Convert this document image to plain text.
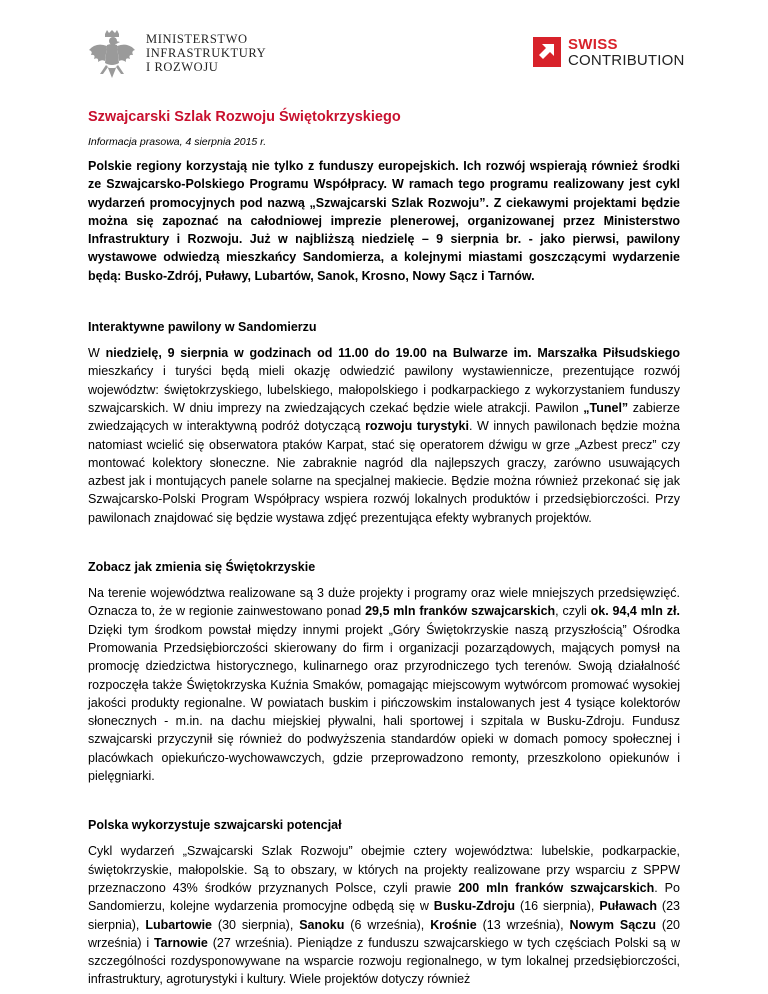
MINISTERSTWO
INFRASTRUKTURY
I ROZWOJU
SWISS
CONTRIBUTION
Szwajcarski Szlak Rozwoju Świętokrzyskiego
Informacja prasowa, 4 sierpnia 2015 r.

Polskie regiony korzystają nie tylko z funduszy europejskich. Ich rozwój wspierają również środki ze Szwajcarsko-Polskiego Programu Współpracy. W ramach tego programu realizowany jest cykl wydarzeń promocyjnych pod nazwą „Szwajcarski Szlak Rozwoju”. Z ciekawymi projektami będzie można się zapoznać na całodniowej imprezie plenerowej, organizowanej przez Ministerstwo Infrastruktury i Rozwoju. Już w najbliższą niedzielę – 9 sierpnia br. - jako pierwsi, pawilony wystawowe odwiedzą mieszkańcy Sandomierza, a kolejnymi miastami goszczącymi wydarzenie będą: Busko-Zdrój, Puławy, Lubartów, Sanok, Krosno, Nowy Sącz i Tarnów.

Interaktywne pawilony w Sandomierzu

W niedzielę, 9 sierpnia w godzinach od 11.00 do 19.00 na Bulwarze im. Marszałka Piłsudskiego mieszkańcy i turyści będą mieli okazję odwiedzić pawilony wystawiennicze, prezentujące rozwój województw: świętokrzyskiego, lubelskiego, małopolskiego i podkarpackiego z wykorzystaniem funduszy szwajcarskich. W dniu imprezy na zwiedzających czekać będzie wiele atrakcji. Pawilon „Tunel” zabierze zwiedzających w interaktywną podróż dotyczącą rozwoju turystyki. W innych pawilonach będzie można natomiast wcielić się obserwatora ptaków Karpat, stać się operatorem dźwigu w grze „Azbest precz” czy montować kolektory słoneczne. Nie zabraknie nagród dla najlepszych graczy, zarówno usuwających azbest jak i montujących panele solarne na specjalnej makiecie. Będzie można również przekonać się jak Szwajcarsko-Polski Program Współpracy wspiera rozwój lokalnych produktów i przedsiębiorczości. Przy pawilonach znajdować się będzie wystawa zdjęć prezentująca efekty wybranych projektów.

Zobacz jak zmienia się Świętokrzyskie

Na terenie województwa realizowane są 3 duże projekty i programy oraz wiele mniejszych przedsięwzięć. Oznacza to, że w regionie zainwestowano ponad 29,5 mln franków szwajcarskich, czyli ok. 94,4 mln zł. Dzięki tym środkom powstał między innymi projekt „Góry Świętokrzyskie naszą przyszłością” Ośrodka Promowania Przedsiębiorczości skierowany do firm i organizacji pozarządowych, mających pomysł na promocję dziedzictwa historycznego, kulinarnego oraz przyrodniczego tych terenów. Swoją działalność rozpoczęła także Świętokrzyska Kuźnia Smaków, pomagając miejscowym wytwórcom promować wysokiej jakości produkty regionalne. W powiatach buskim i pińczowskim instalowanych jest 4 tysiące kolektorów słonecznych - m.in. na dachu miejskiej pływalni, hali sportowej i szpitala w Busku-Zdroju. Fundusz szwajcarski przyczynił się również do podwyższenia standardów opieki w domach pomocy społecznej i placówkach opiekuńczo-wychowawczych, gdzie przeprowadzono remonty, przeszkolono opiekunów i pielęgniarki.

Polska wykorzystuje szwajcarski potencjał

Cykl wydarzeń „Szwajcarski Szlak Rozwoju” obejmie cztery województwa: lubelskie, podkarpackie, świętokrzyskie, małopolskie. Są to obszary, w których na projekty realizowane przy wsparciu z SPPW przeznaczono 43% środków przyznanych Polsce, czyli prawie 200 mln franków szwajcarskich. Po Sandomierzu, kolejne wydarzenia promocyjne odbędą się w Busku-Zdroju (16 sierpnia), Puławach (23 sierpnia), Lubartowie (30 sierpnia), Sanoku (6 września), Krośnie (13 września), Nowym Sączu (20 września) i Tarnowie (27 września). Pieniądze z funduszu szwajcarskiego w tych częściach Polski są w szczególności rozdysponowywane na wsparcie rozwoju regionalnego, w tym lokalnej przedsiębiorczości, infrastruktury, agroturystyki i kultury. Wiele projektów dotyczy również
